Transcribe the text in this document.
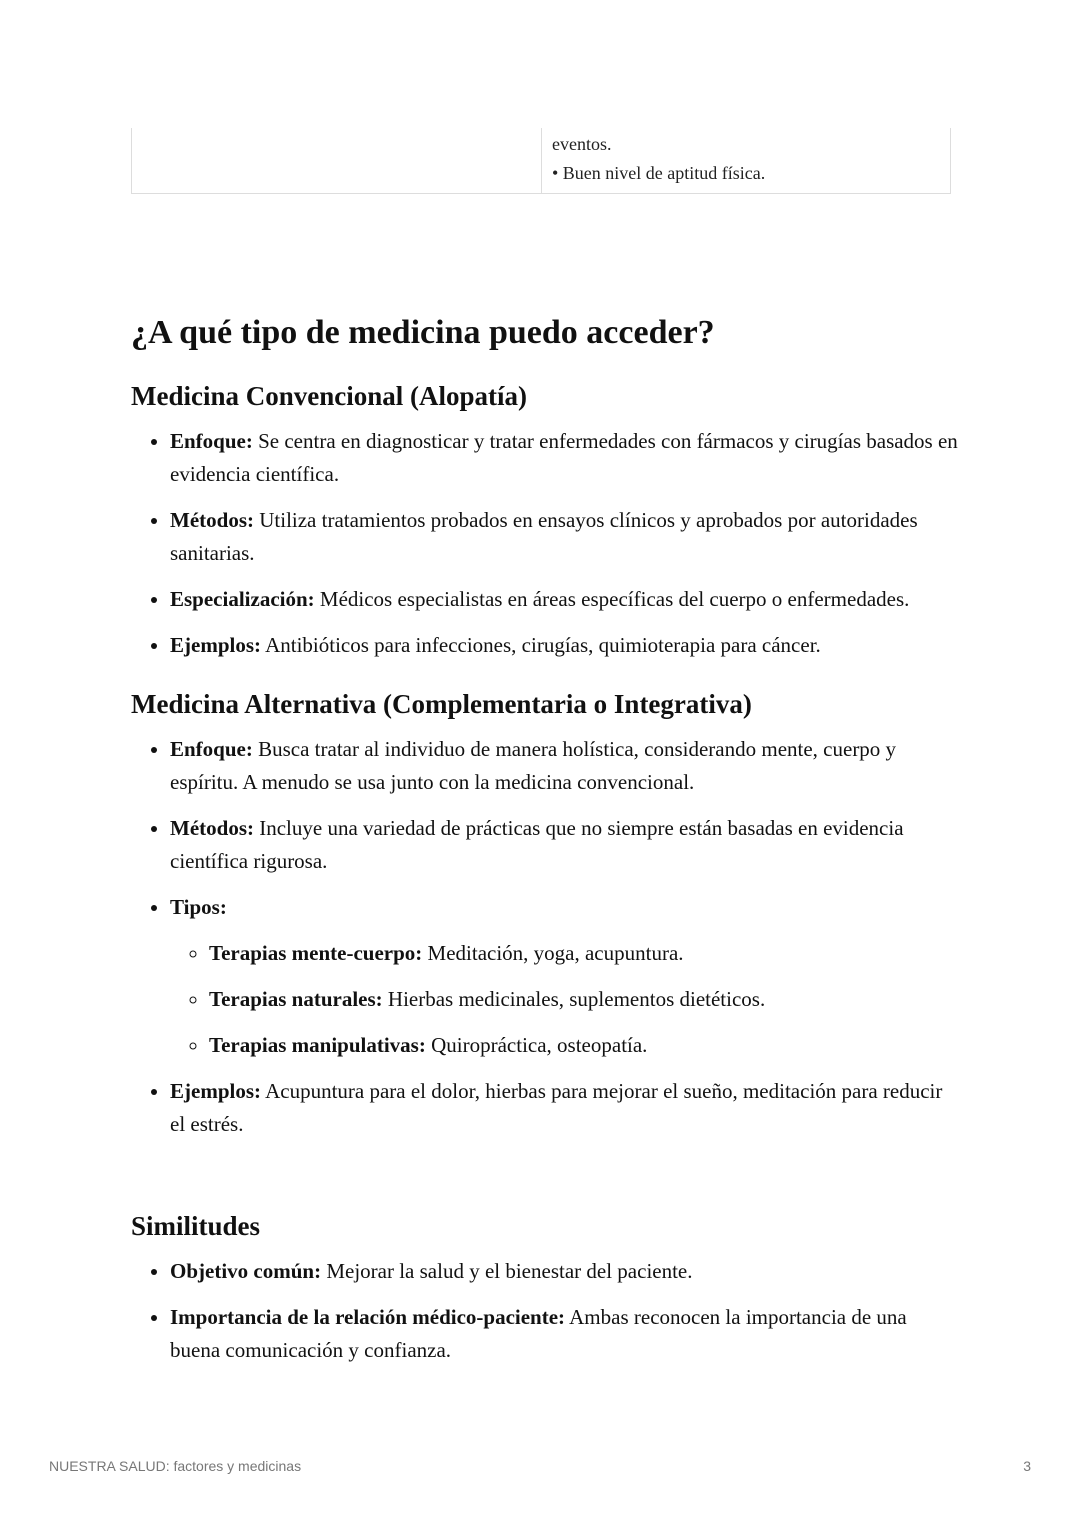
eventos.
• Buen nivel de aptitud física.
¿A qué tipo de medicina puedo acceder?
Medicina Convencional (Alopatía)
• Enfoque: Se centra en diagnosticar y tratar enfermedades con fármacos y cirugías basados en evidencia científica.
• Métodos: Utiliza tratamientos probados en ensayos clínicos y aprobados por autoridades sanitarias.
• Especialización: Médicos especialistas en áreas específicas del cuerpo o enfermedades.
• Ejemplos: Antibióticos para infecciones, cirugías, quimioterapia para cáncer.
Medicina Alternativa (Complementaria o Integrativa)
• Enfoque: Busca tratar al individuo de manera holística, considerando mente, cuerpo y espíritu. A menudo se usa junto con la medicina convencional.
• Métodos: Incluye una variedad de prácticas que no siempre están basadas en evidencia científica rigurosa.
• Tipos:
◦ Terapias mente-cuerpo: Meditación, yoga, acupuntura.
◦ Terapias naturales: Hierbas medicinales, suplementos dietéticos.
◦ Terapias manipulativas: Quiropráctica, osteopatía.
• Ejemplos: Acupuntura para el dolor, hierbas para mejorar el sueño, meditación para reducir el estrés.
Similitudes
• Objetivo común: Mejorar la salud y el bienestar del paciente.
• Importancia de la relación médico-paciente: Ambas reconocen la importancia de una buena comunicación y confianza.
NUESTRA SALUD: factores y medicinas	3
